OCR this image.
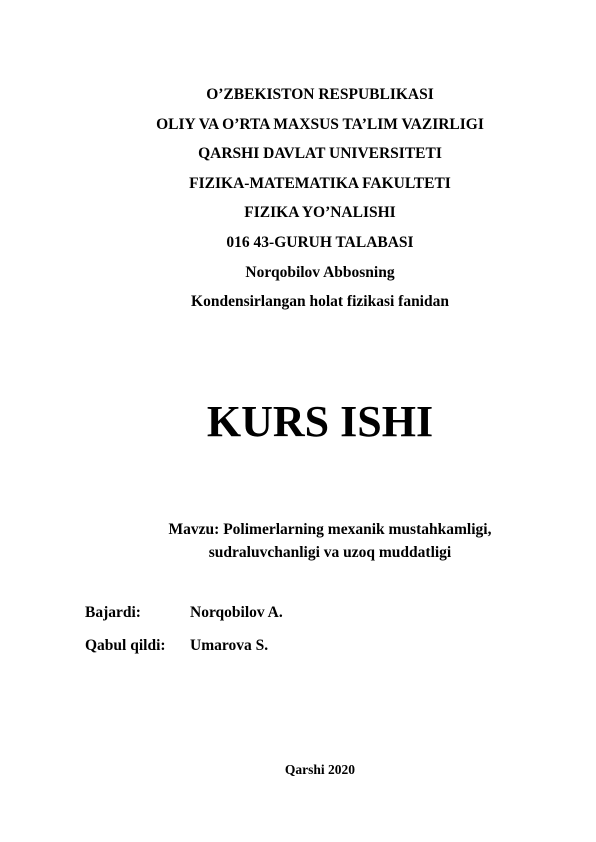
O’ZBEKISTON RESPUBLIKASI
OLIY VA O’RTA MAXSUS TA’LIM VAZIRLIGI
QARSHI DAVLAT UNIVERSITETI
FIZIKA-MATEMATIKA FAKULTETI
FIZIKA YO’NALISHI
016 43-GURUH TALABASI
Norqobilov Abbosning
Kondensirlangan holat fizikasi fanidan
KURS ISHI
Mavzu: Polimerlarning mexanik mustahkamligi,
sudraluvchanligi va uzoq muddatligi
Bajardi:	Norqobilov A.
Qabul qildi:	Umarova S.
Qarshi 2020
